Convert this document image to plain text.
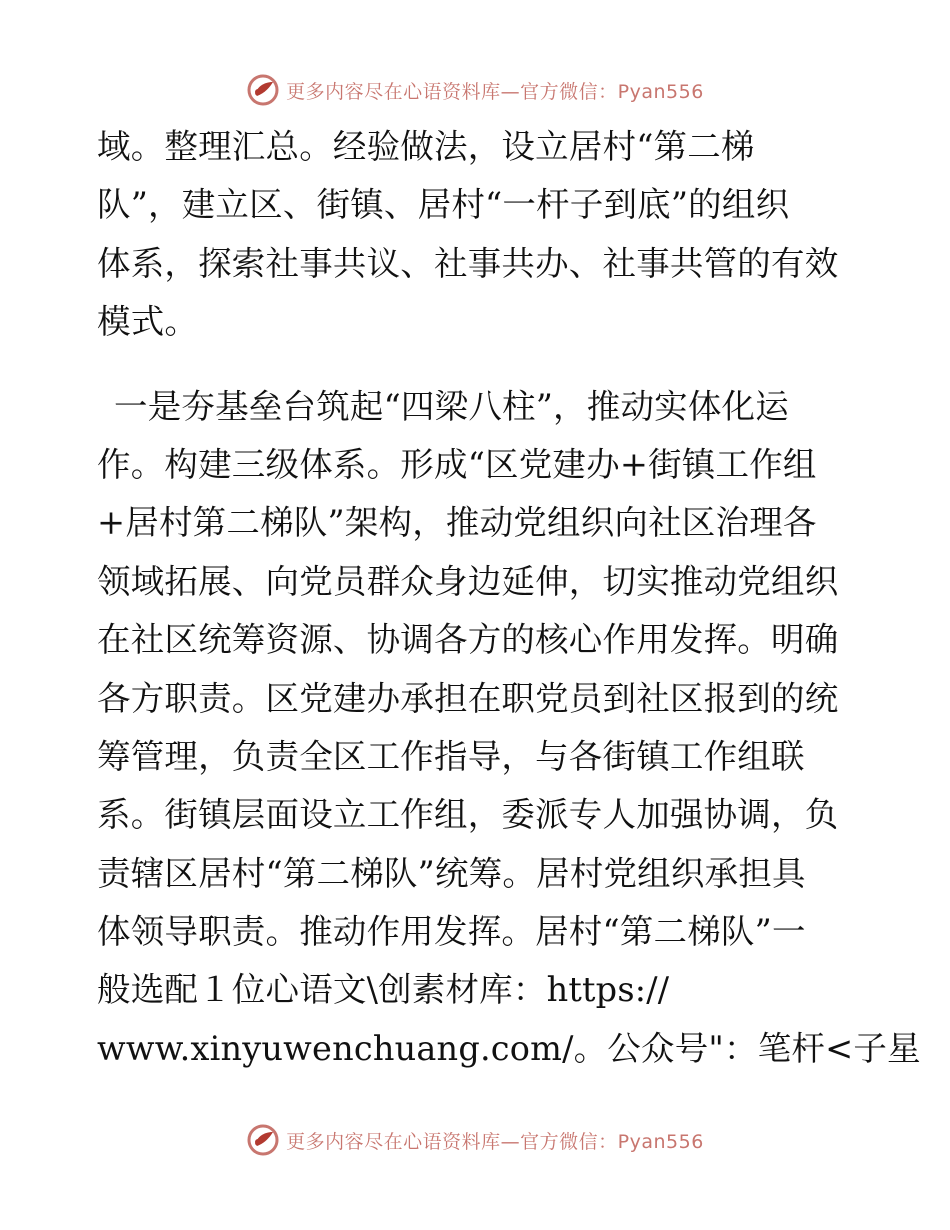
更多内容尽在心语资料库—官方微信：Pyan556
域。整理汇总。经验做法，设立居村“第二梯
队”，建立区、街镇、居村“一杆子到底”的组织
体系，探索社事共议、社事共办、社事共管的有效
模式。
一是夯基垒台筑起“四梁八柱”，推动实体化运
作。构建三级体系。形成“区党建办+街镇工作组
+居村第二梯队”架构，推动党组织向社区治理各
领域拓展、向党员群众身边延伸，切实推动党组织
在社区统筹资源、协调各方的核心作用发挥。明确
各方职责。区党建办承担在职党员到社区报到的统
筹管理，负责全区工作指导，与各街镇工作组联
系。街镇层面设立工作组，委派专人加强协调，负
责辖区居村“第二梯队”统筹。居村党组织承担具
体领导职责。推动作用发挥。居村“第二梯队”一
般选配１位心语文\创素材库：https://
www.xinyuwenchuang.com/。公众号"：笔杆<子星
更多内容尽在心语资料库—官方微信：Pyan556
